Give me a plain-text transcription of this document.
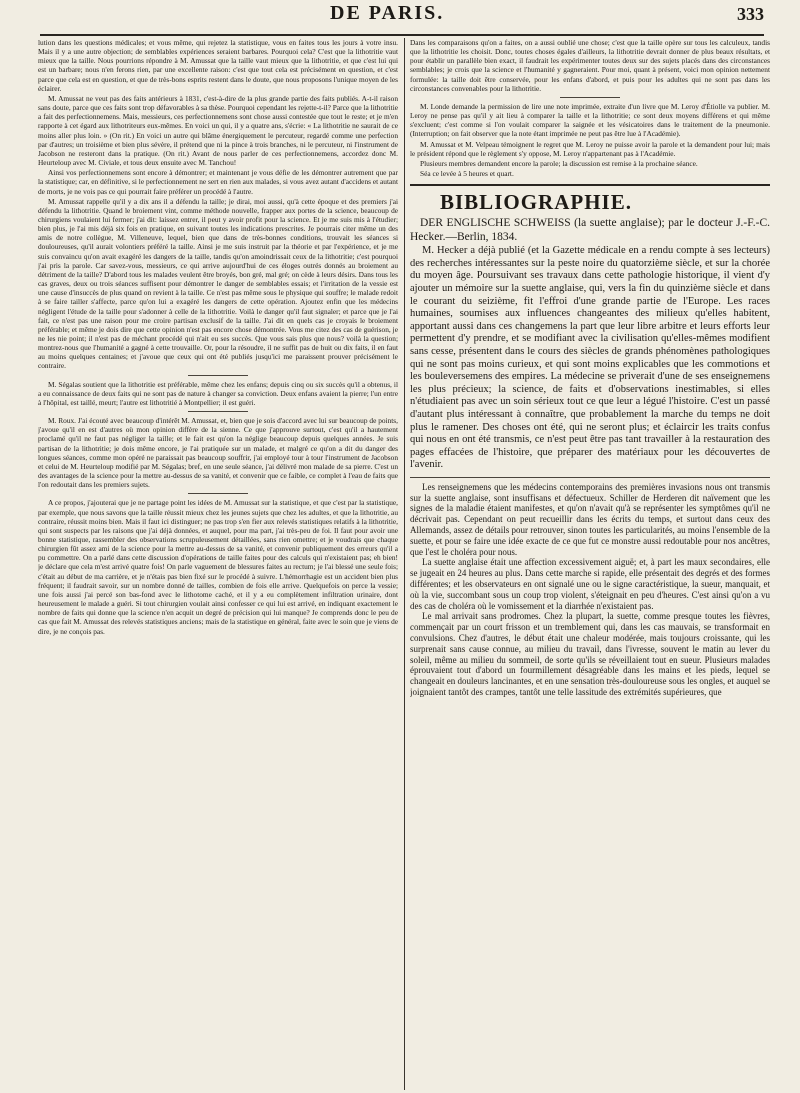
DE PARIS.	333

lution dans les questions médicales; et vous même, qui rejetez la statistique, vous en faites tous les jours à votre insu. Mais il y a une autre objection; de semblables expériences seraient barbares. Pourquoi cela? C'est que la lithotritie vaut mieux que la taille. Nous pourrions répondre à M. Amussat que la taille vaut mieux que la lithotritie, et que c'est lui qui est un barbare; nous n'en ferons rien, par une excellente raison: c'est que tout cela est précisément en question, et c'est parce que cela est en question, et que de très-bons esprits restent dans le doute, que nous proposons l'unique moyen de les éclairer.

M. Amussat ne veut pas des faits antérieurs à 1831, c'est-à-dire de la plus grande partie des faits publiés. A-t-il raison sans doute, parce que ces faits sont trop défavorables à sa thèse. Pourquoi cependant les rejette-t-il? Parce que la lithotritie a fait des perfectionnemens. Mais, messieurs, ces perfectionnemens sont chose aussi contestée que tout le reste; et je m'en rapporte à cet égard aux lithotriteurs eux-mêmes. En voici un qui, il y a quatre ans, s'écrie: « La lithotritie ne saurait de ce moins aller plus loin. » (On rit.) En voici un autre qui blâme énergiquement le percuteur, regardé comme une perfection par d'autres; un troisième et bien plus sévère, il prétend que ni la pince à trois branches, ni le percuteur, ni l'instrument de Jacobson ne resteront dans la pratique. (On rit.) Avant de nous parler de ces perfectionnemens, accordez donc M. Heurteloup avec M. Civiale, et tous deux ensuite avec M. Tanchou!

Ainsi vos perfectionnemens sont encore à démontrer; et maintenant je vous défie de les démontrer autrement que par la statistique; car, en définitive, si le perfectionnement ne sert en rien aux malades, si vous avez autant d'accidens et autant de morts, je ne vois pas ce qui pourrait faire préférer un procédé à l'autre.

M. Amussat rappelle qu'il y a dix ans il a défendu la taille; je dirai, moi aussi, qu'à cette époque et des premiers j'ai défendu la lithotritie. Quand le broiement vint, comme méthode nouvelle, frapper aux portes de la science, beaucoup de chirurgiens voulaient lui fermer; j'ai dit: laissez entrer, il peut y avoir profit pour la science. Et je me suis mis à l'étudier; bien plus, je l'ai mis déjà six fois en pratique, en suivant toutes les indications prescrites. Je pourrais citer même un des amis de notre collègue, M. Villeneuve, lequel, bien que dans de très-bonnes conditions, trouvait les séances si douloureuses, qu'il aurait volontiers préféré la taille. Ainsi je me suis instruit par la théorie et par l'expérience, et je me suis convaincu qu'on avait exagéré les dangers de la taille, tandis qu'on amoindrissait ceux de la lithotritie; c'est pourquoi j'ai pris la parole. Car savez-vous, messieurs, ce qui arrive aujourd'hui de ces éloges outrés donnés au broiement au détriment de la taille? D'abord tous les malades veulent être broyés, bon gré, mal gré; on cède à leurs désirs. Dans tous les cas graves, deux ou trois séances suffisent pour démontrer le danger de semblables essais; et l'irritation de la vessie est une cause d'insuccès de plus quand on revient à la taille. Ce n'est pas même sous le physique qui souffre; le malade redoit à se faire tailler s'affecte, parce qu'on lui a exagéré les dangers de cette opération. Ajoutez enfin que les médecins négligent l'étude de la taille pour s'adonner à celle de la lithotritie. Voilà le danger qu'il faut signaler; et parce que je l'ai fait, ce n'est pas une raison pour me croire partisan exclusif de la taille. J'ai dit en quels cas je croyais le broiement préférable; et même je dois dire que cette opinion n'est pas encore chose démontrée. Vous me citez des cas de guérison, je ne les nie point; il n'est pas de méchant procédé qui n'ait eu ses succès. Que vous sais plus que nous? voilà la question; montrez-nous que l'humanité a gagné à cette trouvaille. Or, pour la résoudre, il ne suffit pas de huit ou dix faits, il en faut au moins quelques centaines; et j'avoue que ceux qui ont été publiés jusqu'ici me paraissent prouver précisément le contraire.

M. Ségalas soutient que la lithotritie est préférable, même chez les enfans; depuis cinq ou six succès qu'il a obtenus, il a eu connaissance de deux faits qui ne sont pas de nature à changer sa conviction. Deux enfans avaient la pierre; l'un entre à l'hôpital, est taillé, meurt; l'autre est lithotritié à Montpellier; il est guéri.

M. Roux. J'ai écouté avec beaucoup d'intérêt M. Amussat, et, bien que je sois d'accord avec lui sur beaucoup de points, j'avoue qu'il en est d'autres où mon opinion diffère de la sienne. Ce que j'approuve surtout, c'est qu'il a hautement proclamé qu'il ne faut pas négliger la taille; et le fait est qu'on la néglige beaucoup depuis quelques années. Je suis partisan de la lithotritie; je dois même encore, je l'ai pratiquée sur un malade, et malgré ce qu'on a dit du danger des longues séances, comme mon opéré ne paraissait pas beaucoup souffrir, j'ai employé tour à tour l'instrument de Jacobson et celui de M. Heurteloup modifié par M. Ségalas; bref, en une seule séance, j'ai délivré mon malade de sa pierre. C'est un des avantages de la science pour la mettre au-dessus de sa vanité, et convenir que ce faible, ce complet à l'eau de faits que l'on redoutait dans les premiers sujets.

A ce propos, j'ajouterai que je ne partage point les idées de M. Amussat sur la statistique, et que c'est par la statistique, par exemple, que nous savons que la taille réussit mieux chez les jeunes sujets que chez les adultes, et que la lithotritie, au contraire, réussit moins bien. Mais il faut ici distinguer; ne pas trop s'en fier aux relevés statistiques relatifs à la lithotritie, qui sont suspects par les raisons que j'ai déjà données, et auquel, pour ma part, j'ai très-peu de foi. Il faut pour avoir une bonne statistique, rassembler des observations scrupuleusement détaillées, sans rien omettre; et je voudrais que chaque chirurgien fût assez ami de la science pour la mettre au-dessus de sa vanité, et convenir publiquement des erreurs qu'il a pu commettre. On a parlé dans cette discussion d'opérations de taille faites pour des calculs qui n'existaient pas; eh bien! je déclare que cela m'est arrivé quatre fois! On parle vaguement de blessures faites au rectum; je l'ai blessé une seule fois; c'était au début de ma carrière, et je n'étais pas bien fixé sur le procédé à suivre. L'hémorrhagie est un accident bien plus fréquent; il faudrait savoir, sur un nombre donné de tailles, combien de fois elle arrive. Quelquefois on perce la vessie; une fois aussi j'ai percé son bas-fond avec le lithotome caché, et il y a eu complètement infiltration urinaire, dont heureusement le malade a guéri. Si tout chirurgien voulait ainsi confesser ce qui lui est arrivé, en indiquant exactement le nombre de faits qui donne que la science n'en acquit un degré de précision qui lui manque? Je comprends donc le peu de cas que fait M. Amussat des relevés statistiques anciens; mais de la statistique en général, faite avec le soin que je viens de dire, je ne conçois pas.

Dans les comparaisons qu'on a faites, on a aussi oublié une chose; c'est que la taille opère sur tous les calculeux, tandis que la lithotritie les choisit. Donc, toutes choses égales d'ailleurs, la lithotritie devrait donner de plus beaux résultats, et pour établir un parallèle bien exact, il faudrait les expérimenter toutes deux sur des sujets placés dans des circonstances semblables; je crois que la science et l'humanité y gagneraient. Pour moi, quant à présent, voici mon opinion nettement formulée: la taille doit être conservée, pour les enfans d'abord, et puis pour les adultes qui ne sont pas dans les circonstances convenables pour la lithotritie.

M. Londe demande la permission de lire une note imprimée, extraite d'un livre que M. Leroy d'Étiolle va publier. M. Leroy ne pense pas qu'il y ait lieu à comparer la taille et la lithotritie; ce sont deux moyens différens et qui même s'excluent; c'est comme si l'on voulait comparer la saignée et les vésicatoires dans le traitement de la pneumonie. (Interruption; on fait observer que la note étant imprimée ne peut pas être lue à l'Académie).

M. Amussat et M. Velpeau témoignent le regret que M. Leroy ne puisse avoir la parole et la demandent pour lui; mais le président répond que le règlement s'y oppose, M. Leroy n'appartenant pas à l'Académie.

Plusieurs membres demandent encore la parole; la discussion est remise à la prochaine séance.

Séa ce levée à 5 heures et quart.

BIBLIOGRAPHIE.

DER ENGLISCHE SCHWEISS (la suette anglaise); par le docteur J.-F.-C. Hecker.—Berlin, 1834.

M. Hecker a déjà publié (et la Gazette médicale en a rendu compte à ses lecteurs) des recherches intéressantes sur la peste noire du quatorzième siècle, et sur la chorée du moyen âge. Poursuivant ses travaux dans cette pathologie historique, il vient d'y ajouter un mémoire sur la suette anglaise, qui, vers la fin du quinzième siècle et dans le courant du seizième, fit l'effroi d'une grande partie de l'Europe. Les races humaines, soumises aux influences changeantes des milieux qu'elles habitent, apportant aussi dans ces changemens la part que leur libre arbitre et leurs efforts leur permettent d'y prendre, et se modifiant avec la civilisation qu'elles-mêmes modifient sans cesse, présentent dans le cours des siècles de grands phénomènes pathologiques qui ne sont pas moins curieux, et qui sont moins explicables que les commotions et les bouleversemens des empires. La médecine se priverait d'une de ses enseignemens les plus précieux; la science, de faits et d'observations inestimables, si elles n'étudiaient pas avec un soin sérieux tout ce que leur a légué l'histoire. C'est un passé d'autant plus intéressant à connaître, que probablement la marche du temps ne doit plus le ramener. Des choses ont été, qui ne seront plus; et éclaircir les traits confus qui nous en ont été transmis, ce n'est peut être pas tant travailler à la restauration des pages effacées de l'histoire, que préparer des matériaux pour les découvertes de l'avenir.

Les renseignemens que les médecins contemporains des premières invasions nous ont transmis sur la suette anglaise, sont insuffisans et défectueux. Schiller de Herderen dit naïvement que les signes de la maladie étaient manifestes, et qu'on n'avait qu'à se représenter les symptômes qu'il ne décrivait pas. Cependant on peut recueillir dans les écrits du temps, et surtout dans ceux des Allemands, assez de détails pour retrouver, sinon toutes les particularités, au moins l'ensemble de la suette, et pour se faire une idée exacte de ce que fut ce monstre aussi redoutable pour nos ancêtres, que l'est le choléra pour nous.

La suette anglaise était une affection excessivement aiguë; et, à part les maux secondaires, elle se jugeait en 24 heures au plus. Dans cette marche si rapide, elle présentait des degrés et des formes différentes; et les observateurs en ont signalé une ou le signe caractéristique, la sueur, manquait, et où la vie, succombant sous un coup trop violent, s'éteignait en peu d'heures. C'est ainsi qu'on a vu des cas de choléra où le vomissement et la diarrhée n'existaient pas.

Le mal arrivait sans prodromes. Chez la plupart, la suette, comme presque toutes les fièvres, commençait par un court frisson et un tremblement qui, dans les cas mauvais, se transformait en convulsions. Chez d'autres, le début était une chaleur modérée, mais toujours croissante, qui les surprenait sans cause connue, au milieu du travail, dans l'ivresse, souvent le matin au lever du soleil, même au milieu du sommeil, de sorte qu'ils se réveillaient tout en sueur. Plusieurs malades éprouvaient tout d'abord un fourmillement désagréable dans les mains et les pieds, lequel se changeait en douleurs lancinantes, et en une sensation très-douloureuse sous les ongles, et auquel se joignaient tantôt des crampes, tantôt une telle lassitude des extrémités supérieures, que
